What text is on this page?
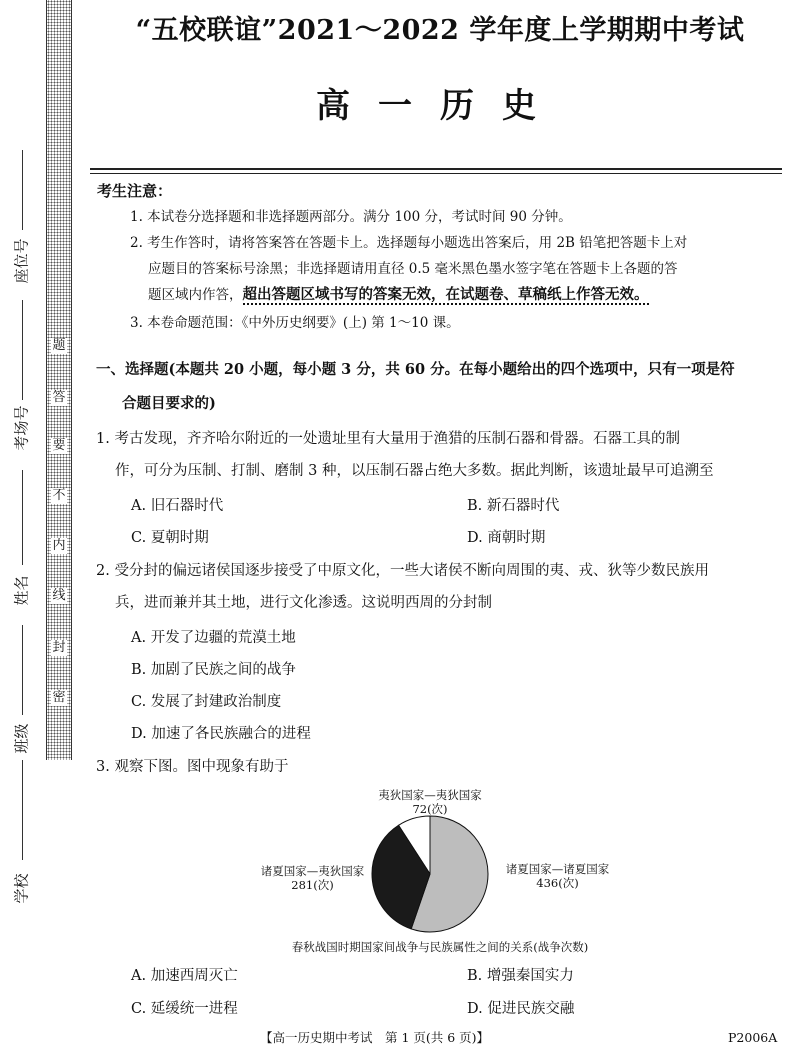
题
答
要
不
内
线
封
密
座位号
考场号
姓名
班级
学校
“五校联谊”2021～2022 学年度上学期期中考试
高一历史
考生注意：
1. 本试卷分选择题和非选择题两部分。满分 100 分，考试时间 90 分钟。
2. 考生作答时，请将答案答在答题卡上。选择题每小题选出答案后，用 2B 铅笔把答题卡上对
应题目的答案标号涂黑；非选择题请用直径 0.5 毫米黑色墨水签字笔在答题卡上各题的答
题区域内作答，超出答题区域书写的答案无效，在试题卷、草稿纸上作答无效。
3. 本卷命题范围：《中外历史纲要》(上) 第 1～10 课。
一、选择题(本题共 20 小题，每小题 3 分，共 60 分。在每小题给出的四个选项中，只有一项是符
合题目要求的)
1. 考古发现，齐齐哈尔附近的一处遗址里有大量用于渔猎的压制石器和骨器。石器工具的制
作，可分为压制、打制、磨制 3 种，以压制石器占绝大多数。据此判断，该遗址最早可追溯至
A. 旧石器时代	B. 新石器时代
C. 夏朝时期	D. 商朝时期
2. 受分封的偏远诸侯国逐步接受了中原文化，一些大诸侯不断向周围的夷、戎、狄等少数民族用
兵，进而兼并其土地，进行文化渗透。这说明西周的分封制
A. 开发了边疆的荒漠土地
B. 加剧了民族之间的战争
C. 发展了封建政治制度
D. 加速了各民族融合的进程
3. 观察下图。图中现象有助于
夷狄国家—夷狄国家
72(次)
诸夏国家—夷狄国家
281(次)
诸夏国家—诸夏国家
436(次)
春秋战国时期国家间战争与民族属性之间的关系(战争次数)
A. 加速西周灭亡	B. 增强秦国实力
C. 延缓统一进程	D. 促进民族交融
【高一历史期中考试　第 1 页(共 6 页)】	P2006A
